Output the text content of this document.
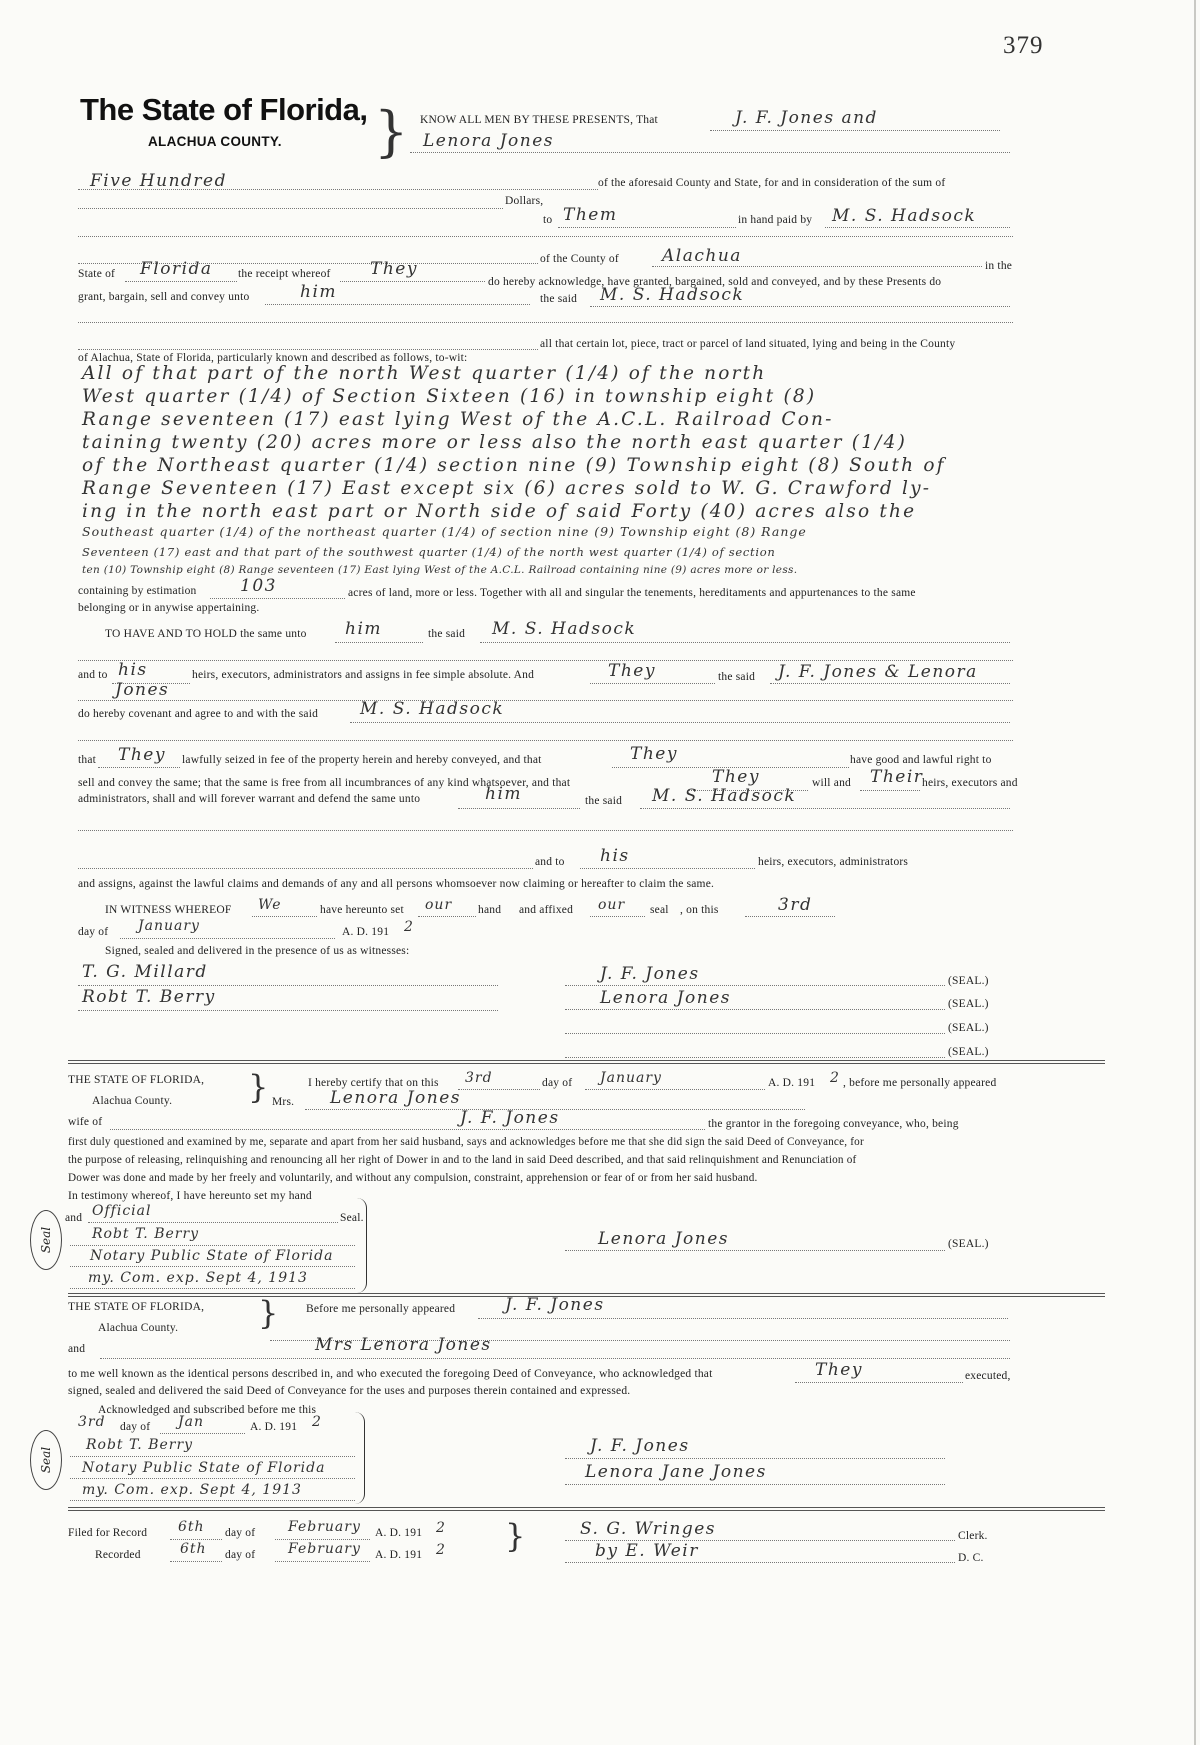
379
The State of Florida,
ALACHUA COUNTY. } KNOW ALL MEN BY THESE PRESENTS, That	J. F. Jones and
Lenora Jones
of the aforesaid County and State, for and in consideration of the sum of
Five Hundred
Dollars,
to Them	in hand paid by M. S. Hadsock
of the County of	Alachua	in the
State of Florida the receipt whereof They
do hereby acknowledge, have granted, bargained, sold and conveyed, and by these Presents do
grant, bargain, sell and convey unto	him	the said M. S. Hadsock
all that certain lot, piece, tract or parcel of land situated, lying and being in the County
of Alachua, State of Florida, particularly known and described as follows, to-wit:
All of that part of the north West quarter (1/4) of the north
West quarter (1/4) of Section Sixteen (16) in township eight (8)
Range seventeen (17) east lying West of the A.C.L. Railroad Con-
taining twenty (20) acres more or less also the north east quarter (1/4)
of the Northeast quarter (1/4) section nine (9) Township eight (8) South of
Range Seventeen (17) East except six (6) acres sold to W. G. Crawford ly-
ing in the north east part or North side of said Forty (40) acres also the
Southeast quarter (1/4) of the northeast quarter (1/4) of section nine (9) Township eight (8) Range
Seventeen (17) east and that part of the southwest quarter (1/4) of the north west quarter (1/4) of section
ten (10) Township eight (8) Range seventeen (17) East lying West of the A.C.L. Railroad containing nine (9) acres more or less.
containing by estimation	103	acres of land, more or less. Together with all and singular the tenements, hereditaments and appurtenances to the same
belonging or in anywise appertaining.
TO HAVE AND TO HOLD the same unto him	the said M. S. Hadsock
and to his	heirs, executors, administrators and assigns in fee simple absolute. And	They	the said J. F. Jones & Lenora
Jones
do hereby covenant and agree to and with the said M. S. Hadsock
that They lawfully seized in fee of the property herein and hereby conveyed, and that	They	have good and lawful right to
sell and convey the same; that the same is free from all incumbrances of any kind whatsoever, and that	They	will and Their
heirs, executors and
administrators, shall and will forever warrant and defend the same unto	him	the said M. S. Hadsock
and to his	heirs, executors, administrators
and assigns, against the lawful claims and demands of any and all persons whomsoever now claiming or hereafter to claim the same.
IN WITNESS WHEREOF We	have hereunto set our hand and affixed our seal , on this	3rd
day of January	A. D. 191 2
Signed, sealed and delivered in the presence of us as witnesses:
T. G. Millard
Robt T. Berry
J. F. Jones	(SEAL.)
Lenora Jones	(SEAL.)
(SEAL.)
(SEAL.)
THE STATE OF FLORIDA,
Alachua County. }	I hereby certify that on this 3rd	day of January	A. D. 191 2 , before me personally appeared
Mrs. Lenora Jones
wife of	J. F. Jones	the grantor in the foregoing conveyance, who, being
first duly questioned and examined by me, separate and apart from her said husband, says and acknowledges before me that she did sign the said Deed of Conveyance, for
the purpose of releasing, relinquishing and renouncing all her right of Dower in and to the land in said Deed described, and that said relinquishment and Renunciation of
Dower was done and made by her freely and voluntarily, and without any compulsion, constraint, apprehension or fear of or from her said husband.
In testimony whereof, I have hereunto set my hand
and Official	Seal.
Seal	Robt T. Berry
Notary Public State of Florida
my. Com. exp. Sept 4, 1913
Lenora Jones	(SEAL.)
THE STATE OF FLORIDA,
Alachua County. } Before me personally appeared	J. F. Jones
and	Mrs Lenora Jones
to me well known as the identical persons described in, and who executed the foregoing Deed of Conveyance, who acknowledged that	They	executed,
signed, sealed and delivered the said Deed of Conveyance for the uses and purposes therein contained and expressed.
Acknowledged and subscribed before me this
3rd day of Jan	A. D. 191 2
Seal
Robt T. Berry
Notary Public State of Florida
my. Com. exp. Sept 4, 1913
J. F. Jones
Lenora Jane Jones
Filed for Record 6th day of February A. D. 191 2
Recorded	6th day of February A. D. 191 2 }	S. G. Wringes	Clerk.
by E. Weir	D. C.
